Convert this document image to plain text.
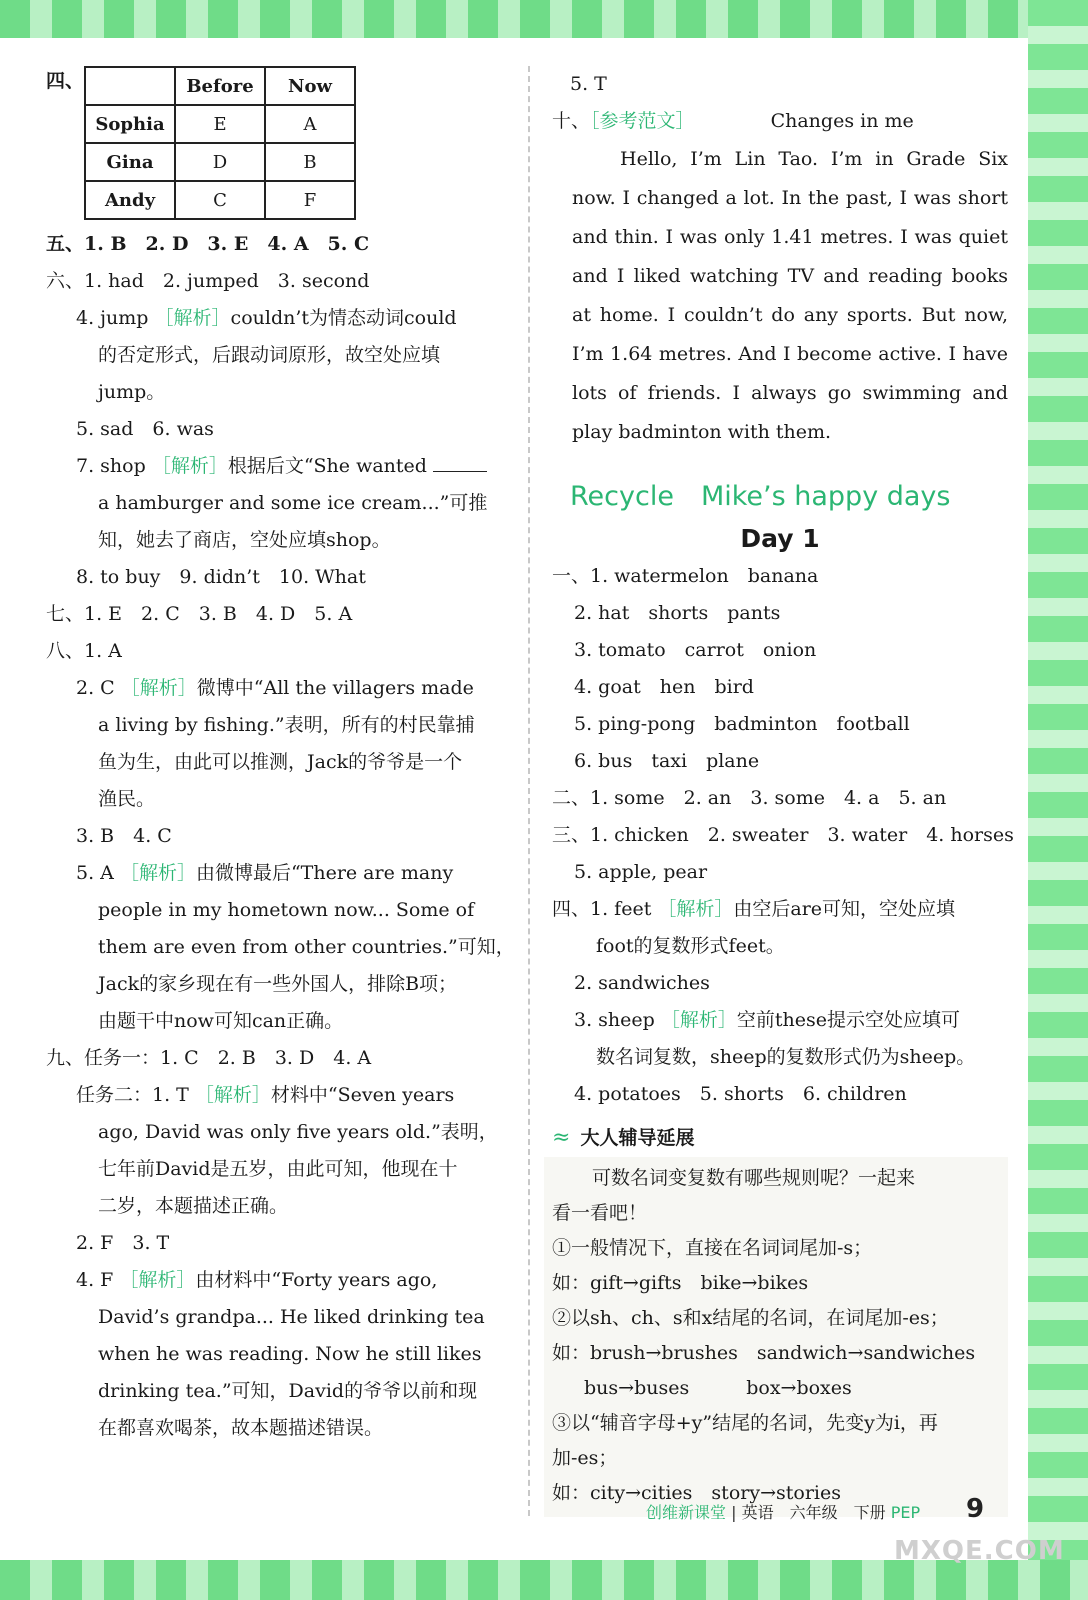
四、
		Before	Now
Sophia	E	A
Gina	D	B
Andy	C	F
五、1. B　2. D　3. E　4. A　5. C
六、1. had　2. jumped　3. second
4. jump ［解析］couldn’t为情态动词could
的否定形式，后跟动词原形，故空处应填
jump。
5. sad　6. was
7. shop ［解析］根据后文“She wanted
a hamburger and some ice cream...”可推
知，她去了商店，空处应填shop。
8. to buy　9. didn’t　10. What
七、1. E　2. C　3. B　4. D　5. A
八、1. A
2. C ［解析］微博中“All the villagers made
a living by fishing.”表明，所有的村民靠捕
鱼为生，由此可以推测，Jack的爷爷是一个
渔民。
3. B　4. C
5. A ［解析］由微博最后“There are many
people in my hometown now... Some of
them are even from other countries.”可知，
Jack的家乡现在有一些外国人，排除B项；
由题干中now可知can正确。
九、任务一：1. C　2. B　3. D　4. A
任务二：1. T ［解析］材料中“Seven years
ago, David was only five years old.”表明，
七年前David是五岁，由此可知，他现在十
二岁，本题描述正确。
2. F　3. T
4. F ［解析］由材料中“Forty years ago,
David’s grandpa... He liked drinking tea
when he was reading. Now he still likes
drinking tea.”可知，David的爷爷以前和现
在都喜欢喝茶，故本题描述错误。
5. T
十、［参考范文］	Changes in me
Hello, I’m Lin Tao. I’m in Grade Six now. I changed a lot. In the past, I was short and thin. I was only 1.41 metres. I was quiet and I liked watching TV and reading books at home. I couldn’t do any sports. But now, I’m 1.64 metres. And I become active. I have lots of friends. I always go swimming and play badminton with them.
Recycle　Mike’s happy days
Day 1
一、1. watermelon　banana
2. hat　shorts　pants
3. tomato　carrot　onion
4. goat　hen　bird
5. ping-pong　badminton　football
6. bus　taxi　plane
二、1. some　2. an　3. some　4. a　5. an
三、1. chicken　2. sweater　3. water　4. horses
5. apple, pear
四、1. feet ［解析］由空后are可知，空处应填
foot的复数形式feet。
2. sandwiches
3. sheep ［解析］空前these提示空处应填可
数名词复数，sheep的复数形式仍为sheep。
4. potatoes　5. shorts　6. children
≈ 大人辅导延展
可数名词变复数有哪些规则呢？一起来
看一看吧！
①一般情况下，直接在名词词尾加-s；
如：gift→gifts　bike→bikes
②以sh、ch、s和x结尾的名词，在词尾加-es；
如：brush→brushes　sandwich→sandwiches
bus→buses　　　box→boxes
③以“辅音字母+y”结尾的名词，先变y为i，再
加-es；
如：city→cities　story→stories
创维新课堂 | 英语　六年级　下册 PEP 9
MXQE.COM
